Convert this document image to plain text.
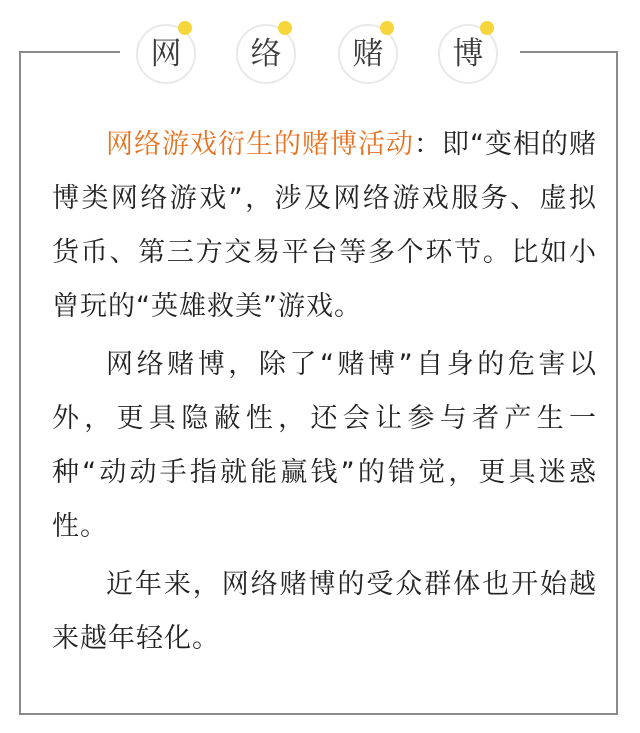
网 络 赌 博

网络游戏衍生的赌博活动：即“变相的赌博类网络游戏”，涉及网络游戏服务、虚拟货币、第三方交易平台等多个环节。比如小曾玩的“英雄救美”游戏。

网络赌博，除了“赌博”自身的危害以外，更具隐蔽性，还会让参与者产生一种“动动手指就能赢钱”的错觉，更具迷惑性。

近年来，网络赌博的受众群体也开始越来越年轻化。
